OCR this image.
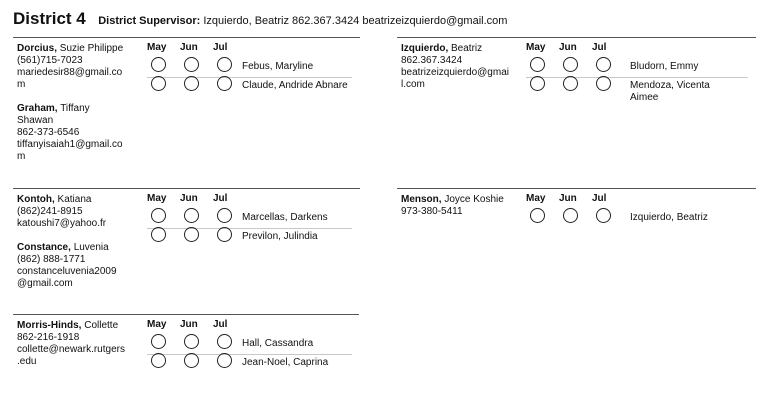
District 4 District Supervisor: Izquierdo, Beatriz 862.367.3424 beatrizeizquierdo@gmail.com
Dorcius, Suzie Philippe
(561)715-7023
mariedesir88@gmail.co
m
Graham, Tiffany
Shawan
862-373-6546
tiffanyisaiah1@gmail.co
m
May Jun Jul
Febus, Maryline
Claude, Andride Abnare
Izquierdo, Beatriz
862.367.3424
beatrizeizquierdo@gmai
l.com
May Jun Jul
Bludorn, Emmy
Mendoza, Vicenta
Aimee
Kontoh, Katiana
(862)241-8915
katoushi7@yahoo.fr
Constance, Luvenia
(862) 888-1771
constanceluvenia2009
@gmail.com
May Jun Jul
Marcellas, Darkens
Previlon, Julindia
Menson, Joyce Koshie
973-380-5411
May Jun Jul
Izquierdo, Beatriz
Morris-Hinds, Collette
862-216-1918
collette@newark.rutgers
.edu
May Jun Jul
Hall, Cassandra
Jean-Noel, Caprina
